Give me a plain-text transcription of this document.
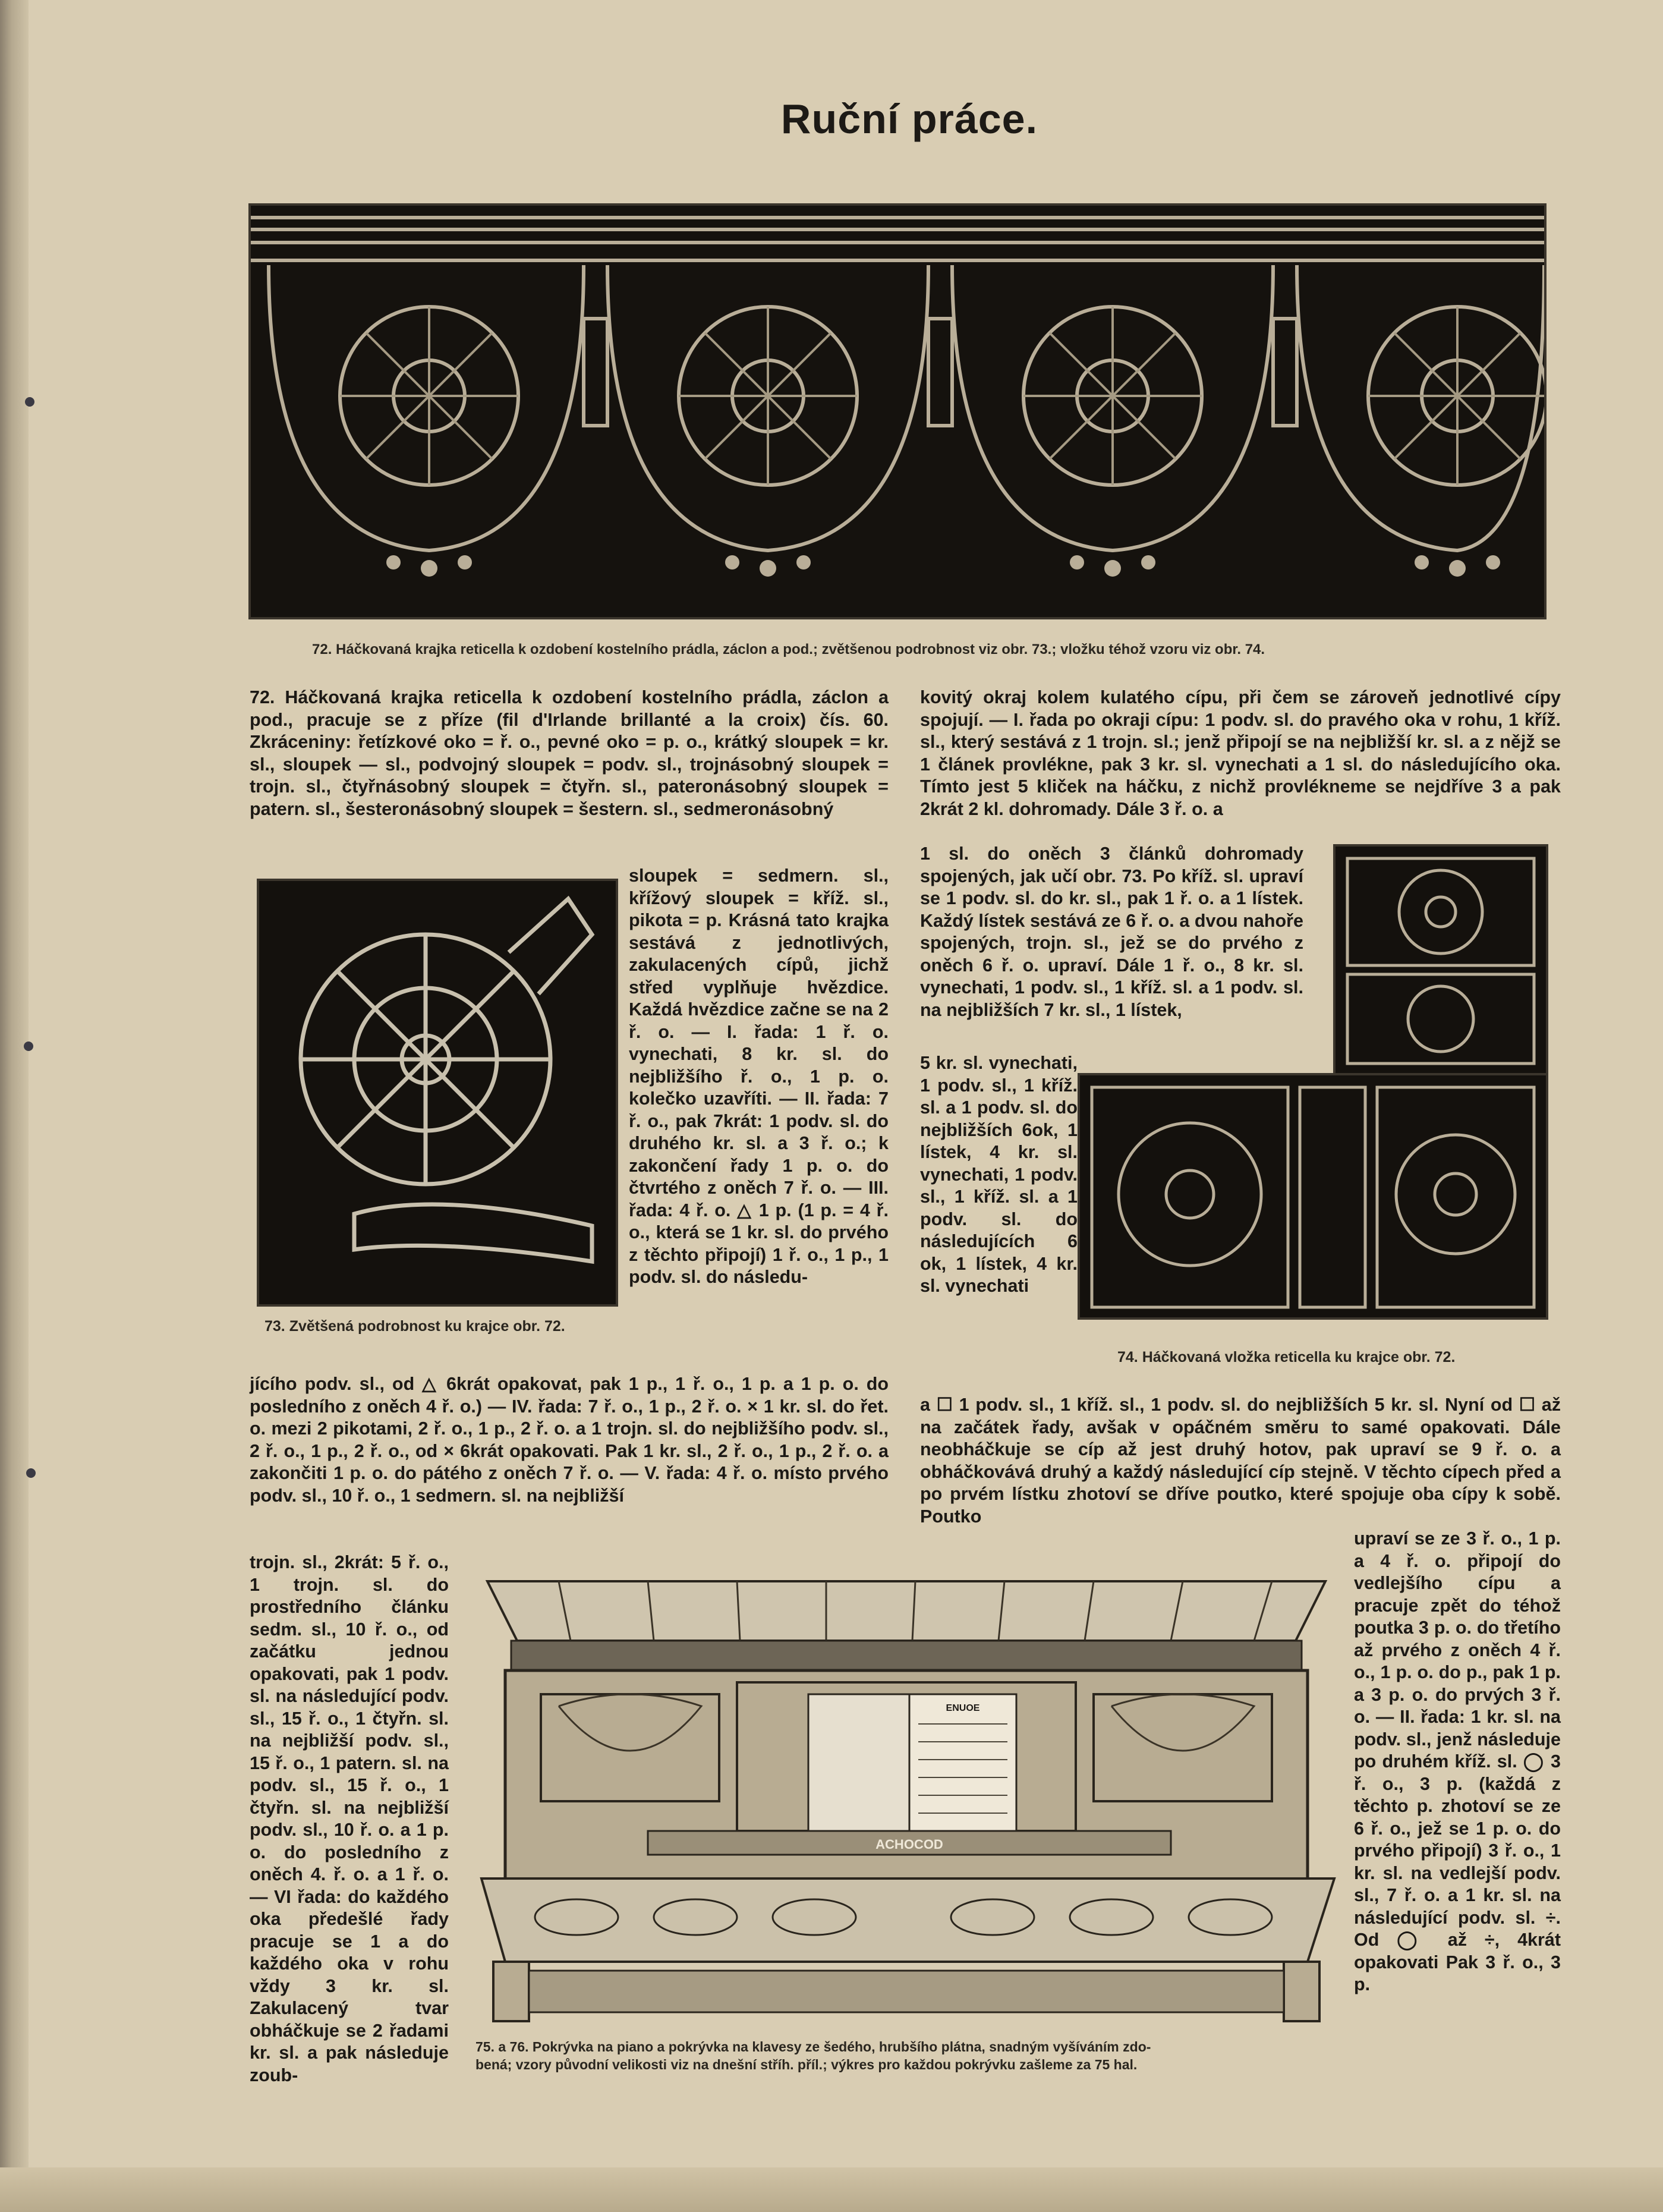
Ruční práce.
72. Háčkovaná krajka reticella k ozdobení kostelního prádla, záclon a pod.; zvětšenou podrobnost viz obr. 73.; vložku téhož vzoru viz obr. 74.
72. Háčkovaná krajka reticella k ozdobení kostelního prádla, záclon a pod., pracuje se z příze (fil d'Irlande brillanté a la croix) čís. 60. Zkráceniny: řetízkové oko = ř. o., pevné oko = p. o., krátký sloupek = kr. sl., sloupek — sl., podvojný sloupek = podv. sl., trojnásobný sloupek = trojn. sl., čtyřnásobný sloupek = čtyřn. sl., pateronásobný sloupek = patern. sl., šesteronásobný sloupek = šestern. sl., sedmeronásobný
73. Zvětšená podrobnost ku krajce obr. 72.
sloupek = sedmern. sl., křížový sloupek = kříž. sl., pikota = p. Krásná tato krajka sestává z jednotlivých, zakulacených cípů, jichž střed vyplňuje hvězdice. Každá hvězdice začne se na 2 ř. o. — I. řada: 1 ř. o. vynechati, 8 kr. sl. do nejbližšího ř. o., 1 p. o. kolečko uzavříti. — II. řada: 7 ř. o., pak 7krát: 1 podv. sl. do druhého kr. sl. a 3 ř. o.; k zakončení řady 1 p. o. do čtvrtého z oněch 7 ř. o. — III. řada: 4 ř. o. △ 1 p. (1 p. = 4 ř. o., která se 1 kr. sl. do prvého z těchto připojí) 1 ř. o., 1 p., 1 podv. sl. do následu-
jícího podv. sl., od △ 6krát opakovat, pak 1 p., 1 ř. o., 1 p. a 1 p. o. do posledního z oněch 4 ř. o.) — IV. řada: 7 ř. o., 1 p., 2 ř. o. × 1 kr. sl. do řet. o. mezi 2 pikotami, 2 ř. o., 1 p., 2 ř. o. a 1 trojn. sl. do nejbližšího podv. sl., 2 ř. o., 1 p., 2 ř. o., od × 6krát opakovati. Pak 1 kr. sl., 2 ř. o., 1 p., 2 ř. o. a zakončiti 1 p. o. do pátého z oněch 7 ř. o. — V. řada: 4 ř. o. místo prvého podv. sl., 10 ř. o., 1 sedmern. sl. na nejbližší
trojn. sl., 2krát: 5 ř. o., 1 trojn. sl. do prostředního článku sedm. sl., 10 ř. o., od začátku jednou opakovati, pak 1 podv. sl. na následující podv. sl., 15 ř. o., 1 čtyřn. sl. na nejbližší podv. sl., 15 ř. o., 1 patern. sl. na podv. sl., 15 ř. o., 1 čtyřn. sl. na nejbližší podv. sl., 10 ř. o. a 1 p. o. do posledního z oněch 4. ř. o. a 1 ř. o. — VI řada: do každého oka předešlé řady pracuje se 1 a do každého oka v rohu vždy 3 kr. sl. Zakulacený tvar obháčkuje se 2 řadami kr. sl. a pak následuje zoub-
kovitý okraj kolem kulatého cípu, při čem se zároveň jednotlivé cípy spojují. — I. řada po okraji cípu: 1 podv. sl. do pravého oka v rohu, 1 kříž. sl., který sestává z 1 trojn. sl.; jenž připojí se na nejbližší kr. sl. a z nějž se 1 článek provlékne, pak 3 kr. sl. vynechati a 1 sl. do následujícího oka. Tímto jest 5 kliček na háčku, z nichž provlékneme se nejdříve 3 a pak 2krát 2 kl. dohromady. Dále 3 ř. o. a
1 sl. do oněch 3 článků dohromady spojených, jak učí obr. 73. Po kříž. sl. upraví se 1 podv. sl. do kr. sl., pak 1 ř. o. a 1 lístek. Každý lístek sestává ze 6 ř. o. a dvou nahoře spojených, trojn. sl., jež se do prvého z oněch 6 ř. o. upraví. Dále 1 ř. o., 8 kr. sl. vynechati, 1 podv. sl., 1 kříž. sl. a 1 podv. sl. na nejbližších 7 kr. sl., 1 lístek,
5 kr. sl. vynechati, 1 podv. sl., 1 kříž. sl. a 1 podv. sl. do nejbližších 6ok, 1 lístek, 4 kr. sl. vynechati, 1 podv. sl., 1 kříž. sl. a 1 podv. sl. do následujících 6 ok, 1 lístek, 4 kr. sl. vynechati
74. Háčkovaná vložka reticella ku krajce obr. 72.
a ☐ 1 podv. sl., 1 kříž. sl., 1 podv. sl. do nejbližších 5 kr. sl. Nyní od ☐ až na začátek řady, avšak v opáčném směru to samé opakovati. Dále neobháčkuje se cíp až jest druhý hotov, pak upraví se 9 ř. o. a obháčkovává druhý a každý následující cíp stejně. V těchto cípech před a po prvém lístku zhotoví se dříve poutko, které spojuje oba cípy k sobě. Poutko
upraví se ze 3 ř. o., 1 p. a 4 ř. o. připojí do vedlejšího cípu a pracuje zpět do téhož poutka 3 p. o. do třetího až prvého z oněch 4 ř. o., 1 p. o. do p., pak 1 p. a 3 p. o. do prvých 3 ř. o. — II. řada: 1 kr. sl. na podv. sl., jenž následuje po druhém kříž. sl. ◯ 3 ř. o., 3 p. (každá z těchto p. zhotoví se ze 6 ř. o., jež se 1 p. o. do prvého připojí) 3 ř. o., 1 kr. sl. na vedlejší podv. sl., 7 ř. o. a 1 kr. sl. na následující podv. sl. ÷. Od ◯ až ÷, 4krát opakovati Pak 3 ř. o., 3 p.
ENUOE
ACHOCOD
75. a 76. Pokrývka na piano a pokrývka na klavesy ze šedého, hrubšího plátna, snadným vyšíváním zdo-
bená; vzory původní velikosti viz na dnešní stříh. příl.; výkres pro každou pokrývku zašleme za 75 hal.
